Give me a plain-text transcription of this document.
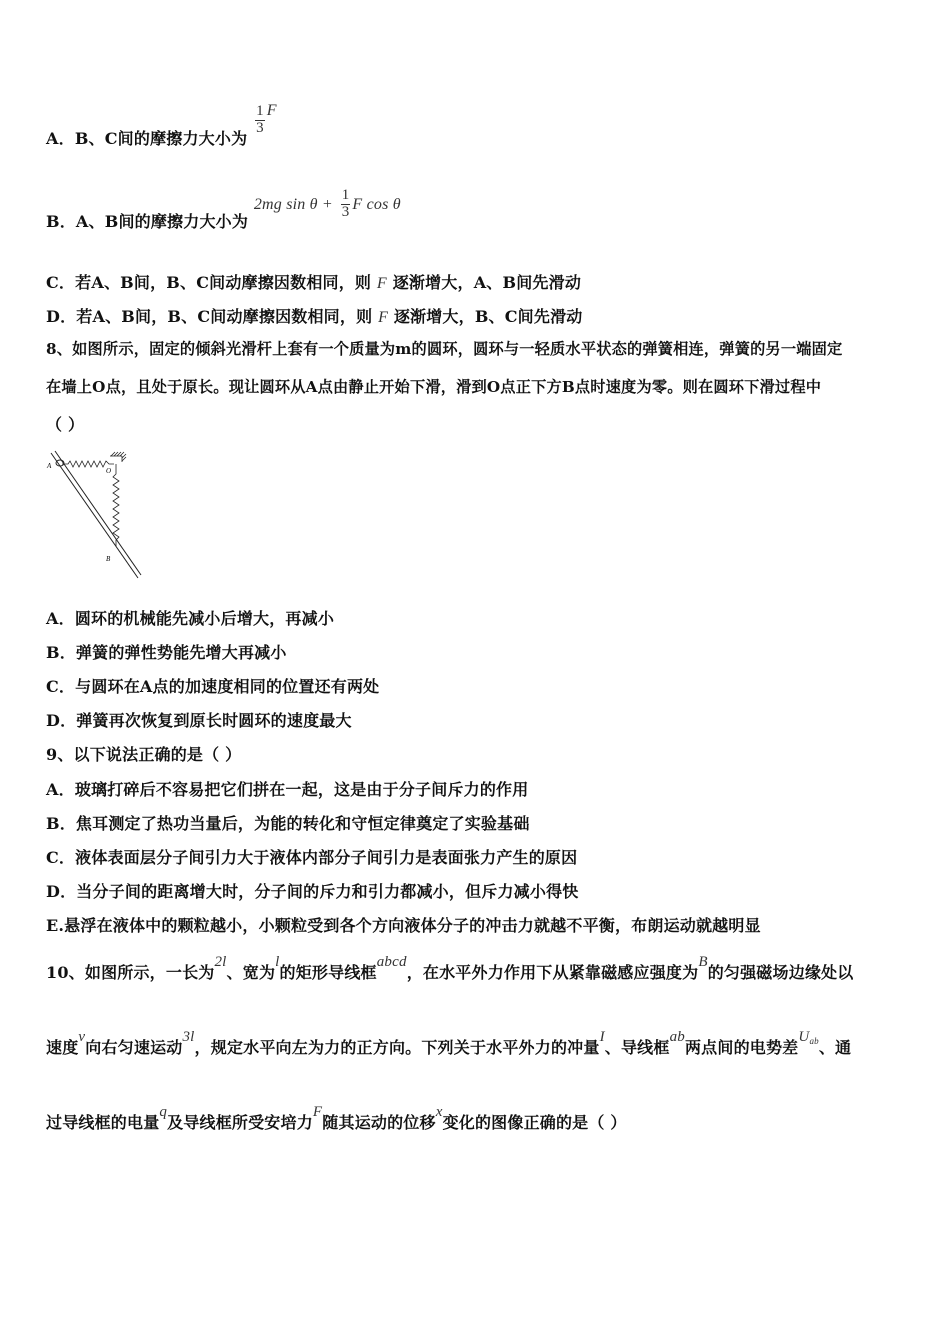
A．B、C间的摩擦力大小为
$\frac{1}{3}$ F
B．A、B间的摩擦力大小为 2mg $\sin \theta + \frac{1}{3}$ F cos θ
C．若A、B间，B、C间动摩擦因数相同，则 F 逐渐增大，A、B间先滑动
D．若A、B间，B、C间动摩擦因数相同，则 F 逐渐增大，B、C间先滑动
8、如图所示，固定的倾斜光滑杆上套有一个质量为m的圆环，圆环与一轻质水平状态的弹簧相连，弹簧的另一端固定
在墙上O点，且处于原长。现让圆环从A点由静止开始下滑，滑到O点正下方B点时速度为零。则在圆环下滑过程中
（ ）
A
O
B
A．圆环的机械能先减小后增大，再减小
B．弹簧的弹性势能先增大再减小
C．与圆环在A点的加速度相同的位置还有两处
D．弹簧再次恢复到原长时圆环的速度最大
9、以下说法正确的是（ ）
A．玻璃打碎后不容易把它们拼在一起，这是由于分子间斥力的作用
B．焦耳测定了热功当量后，为能的转化和守恒定律奠定了实验基础
C．液体表面层分子间引力大于液体内部分子间引力是表面张力产生的原因
D．当分子间的距离增大时，分子间的斥力和引力都减小，但斥力减小得快
E.悬浮在液体中的颗粒越小，小颗粒受到各个方向液体分子的冲击力就越不平衡，布朗运动就越明显
10、如图所示，一长为2l、宽为l的矩形导线框abcd，在水平外力作用下从紧靠磁感应强度为B的匀强磁场边缘处以
速度v向右匀速运动3l，规定水平向左为力的正方向。下列关于水平外力的冲量I、导线框ab两点间的电势差$U^{ab}$、通
过导线框的电量q及导线框所受安培力F随其运动的位移x变化的图像正确的是（ ）
